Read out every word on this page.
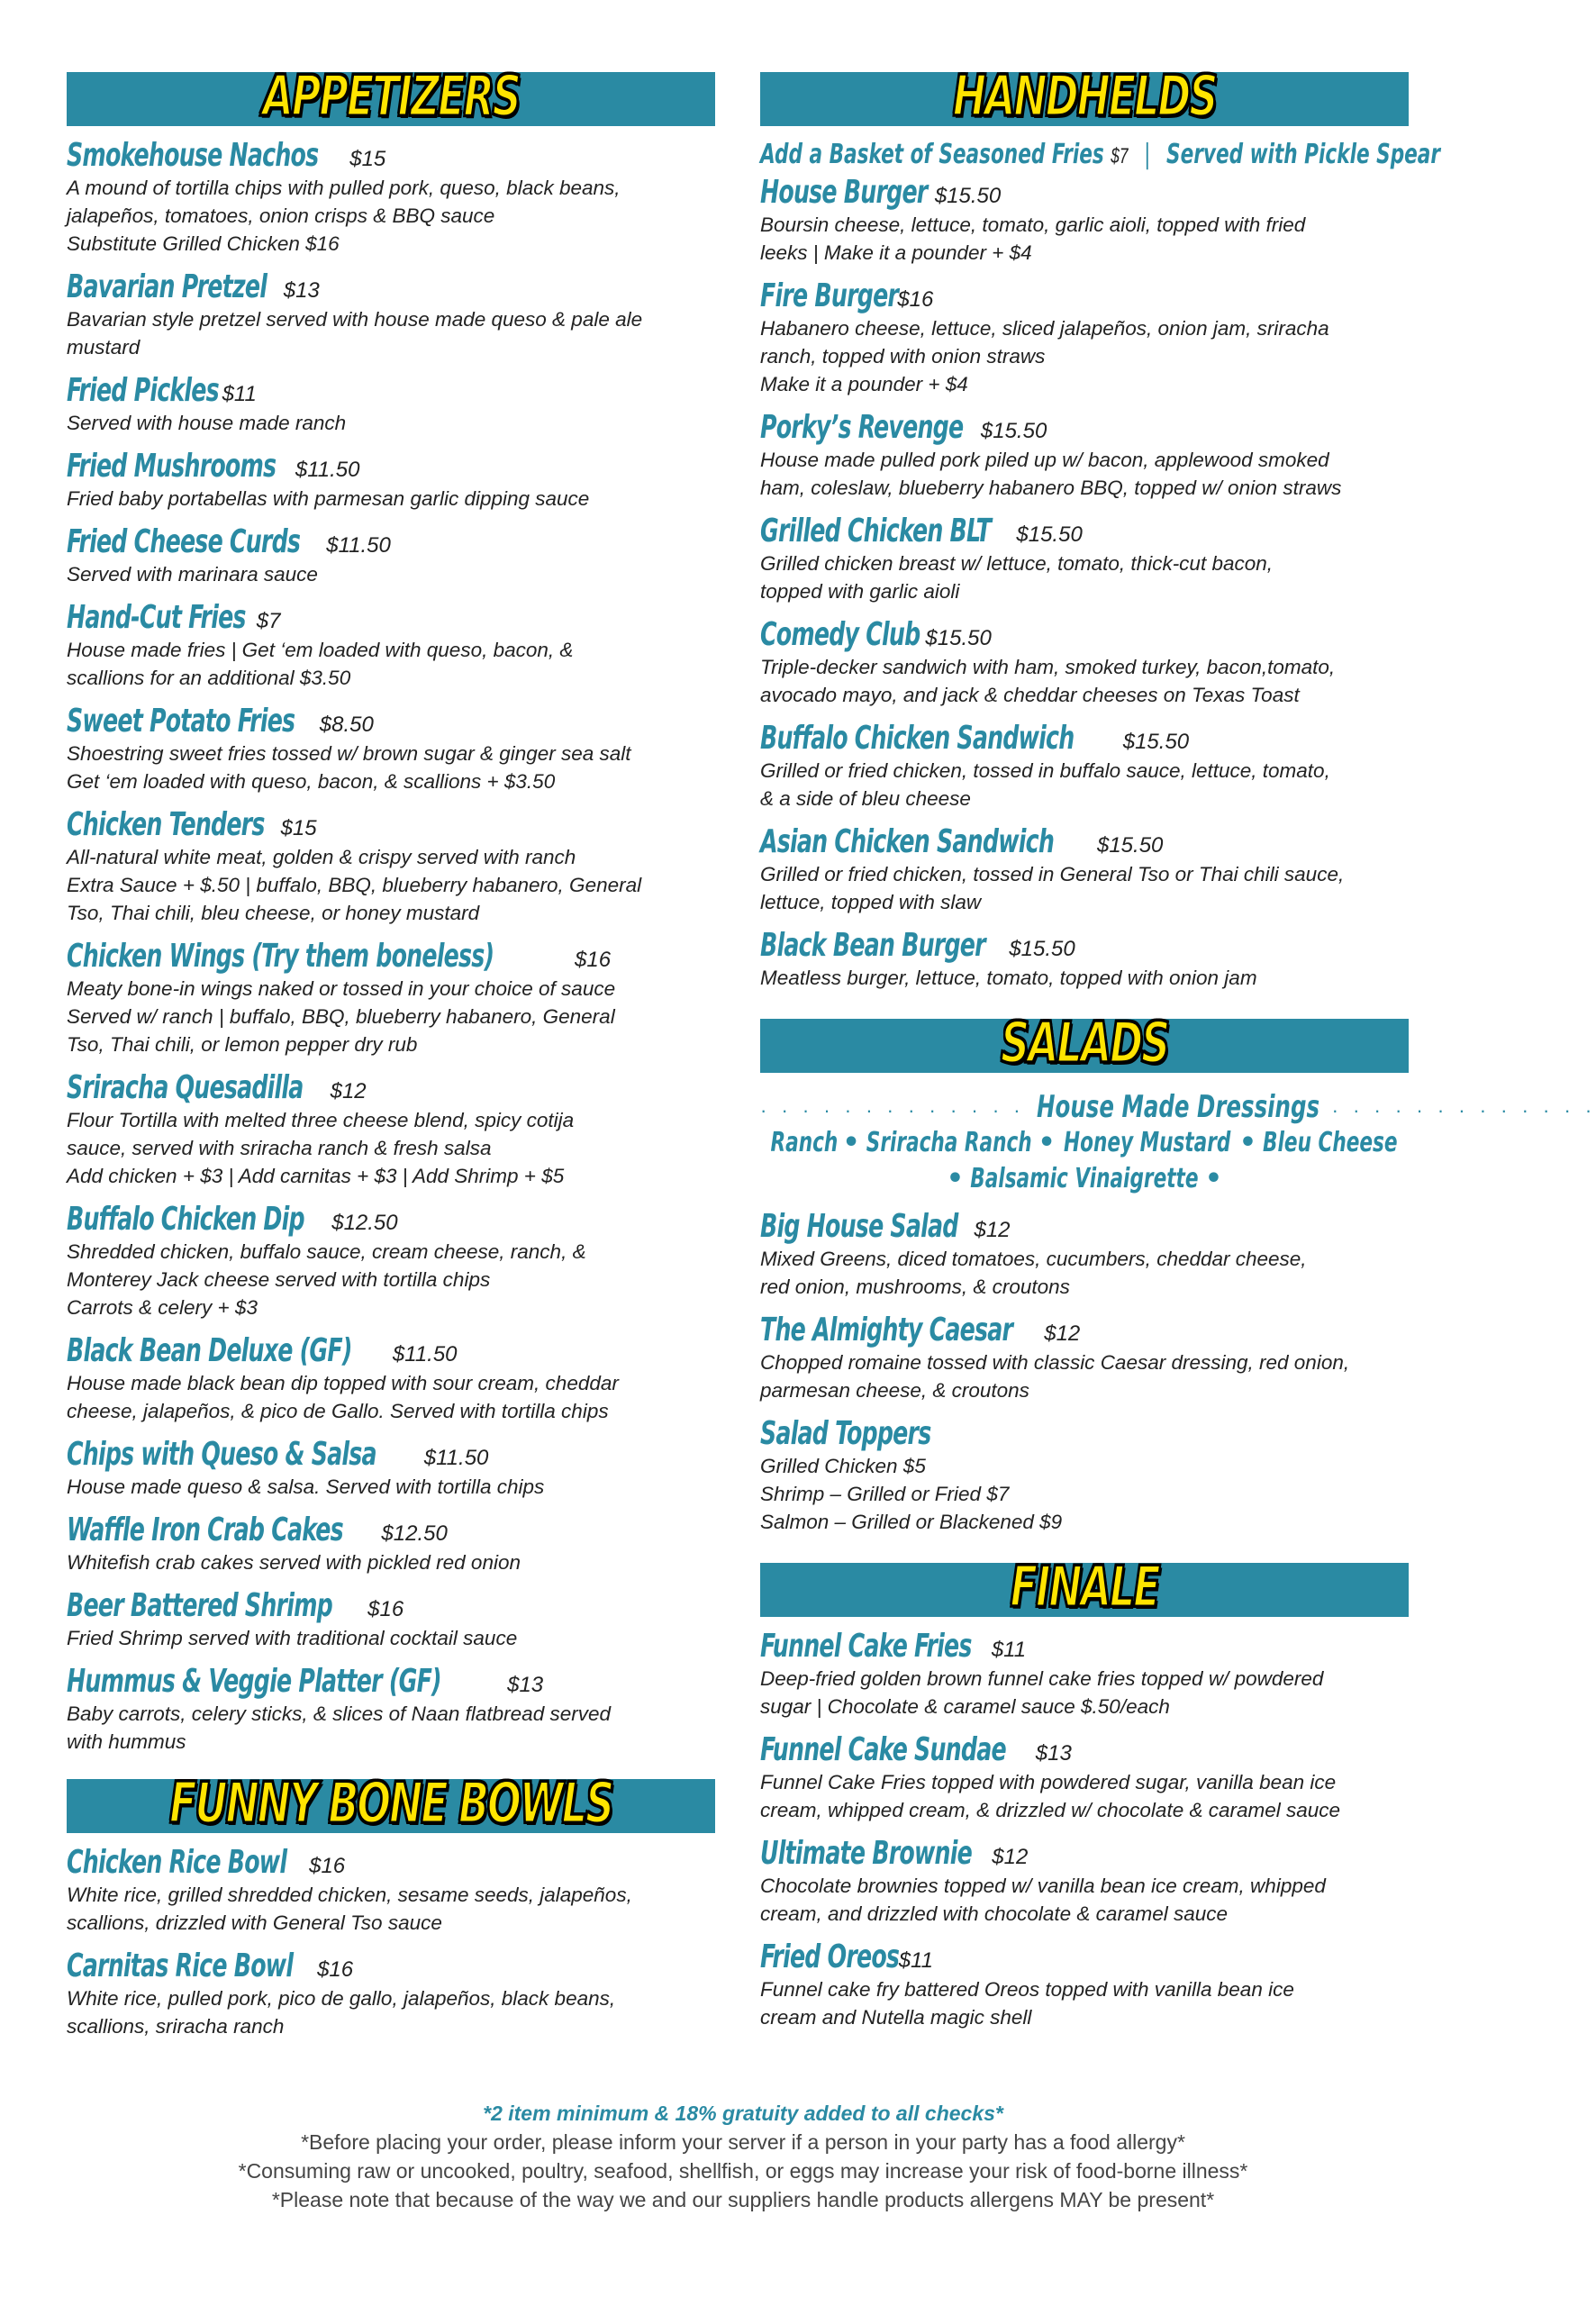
APPETIZERS
Smokehouse Nachos $15
A mound of tortilla chips with pulled pork, queso, black beans,
jalapeños, tomatoes, onion crisps & BBQ sauce
Substitute Grilled Chicken $16
Bavarian Pretzel $13
Bavarian style pretzel served with house made queso & pale ale
mustard
Fried Pickles $11
Served with house made ranch
Fried Mushrooms $11.50
Fried baby portabellas with parmesan garlic dipping sauce
Fried Cheese Curds $11.50
Served with marinara sauce
Hand-Cut Fries $7
House made fries | Get ‘em loaded with queso, bacon, &
scallions for an additional $3.50
Sweet Potato Fries $8.50
Shoestring sweet fries tossed w/ brown sugar & ginger sea salt
Get ‘em loaded with queso, bacon, & scallions + $3.50
Chicken Tenders $15
All-natural white meat, golden & crispy served with ranch
Extra Sauce + $.50 | buffalo, BBQ, blueberry habanero, General
Tso, Thai chili, bleu cheese, or honey mustard
Chicken Wings (Try them boneless)	$16
Meaty bone-in wings naked or tossed in your choice of sauce
Served w/ ranch | buffalo, BBQ, blueberry habanero, General
Tso, Thai chili, or lemon pepper dry rub
Sriracha Quesadilla $12
Flour Tortilla with melted three cheese blend, spicy cotija
sauce, served with sriracha ranch & fresh salsa
Add chicken + $3 | Add carnitas + $3 | Add Shrimp + $5
Buffalo Chicken Dip $12.50
Shredded chicken, buffalo sauce, cream cheese, ranch, &
Monterey Jack cheese served with tortilla chips
Carrots & celery + $3
Black Bean Deluxe (GF) $11.50
House made black bean dip topped with sour cream, cheddar
cheese, jalapeños, & pico de Gallo. Served with tortilla chips
Chips with Queso & Salsa $11.50
House made queso & salsa. Served with tortilla chips
Waffle Iron Crab Cakes $12.50
Whitefish crab cakes served with pickled red onion
Beer Battered Shrimp $16
Fried Shrimp served with traditional cocktail sauce
Hummus & Veggie Platter (GF)	$13
Baby carrots, celery sticks, & slices of Naan flatbread served
with hummus
FUNNY BONE BOWLS
Chicken Rice Bowl $16
White rice, grilled shredded chicken, sesame seeds, jalapeños,
scallions, drizzled with General Tso sauce
Carnitas Rice Bowl $16
White rice, pulled pork, pico de gallo, jalapeños, black beans,
scallions, sriracha ranch
HANDHELDS
Add a Basket of Seasoned Fries $7 | Served with Pickle Spear
House Burger $15.50
Boursin cheese, lettuce, tomato, garlic aioli, topped with fried
leeks | Make it a pounder + $4
Fire Burger $16
Habanero cheese, lettuce, sliced jalapeños, onion jam, sriracha
ranch, topped with onion straws
Make it a pounder + $4
Porky’s Revenge $15.50
House made pulled pork piled up w/ bacon, applewood smoked
ham, coleslaw, blueberry habanero BBQ, topped w/ onion straws
Grilled Chicken BLT $15.50
Grilled chicken breast w/ lettuce, tomato, thick-cut bacon,
topped with garlic aioli
Comedy Club $15.50
Triple-decker sandwich with ham, smoked turkey, bacon,tomato,
avocado mayo, and jack & cheddar cheeses on Texas Toast
Buffalo Chicken Sandwich $15.50
Grilled or fried chicken, tossed in buffalo sauce, lettuce, tomato,
& a side of bleu cheese
Asian Chicken Sandwich $15.50
Grilled or fried chicken, tossed in General Tso or Thai chili sauce,
lettuce, topped with slaw
Black Bean Burger $15.50
Meatless burger, lettuce, tomato, topped with onion jam
SALADS
· · · · · · · · · · · · · House Made Dressings · · · · · · · · · · · · ·
Ranch • Sriracha Ranch • Honey Mustard • Bleu Cheese
• Balsamic Vinaigrette •
Big House Salad $12
Mixed Greens, diced tomatoes, cucumbers, cheddar cheese,
red onion, mushrooms, & croutons
The Almighty Caesar $12
Chopped romaine tossed with classic Caesar dressing, red onion,
parmesan cheese, & croutons
Salad Toppers
Grilled Chicken $5
Shrimp – Grilled or Fried $7
Salmon – Grilled or Blackened $9
FINALE
Funnel Cake Fries $11
Deep-fried golden brown funnel cake fries topped w/ powdered
sugar | Chocolate & caramel sauce $.50/each
Funnel Cake Sundae $13
Funnel Cake Fries topped with powdered sugar, vanilla bean ice
cream, whipped cream, & drizzled w/ chocolate & caramel sauce
Ultimate Brownie $12
Chocolate brownies topped w/ vanilla bean ice cream, whipped
cream, and drizzled with chocolate & caramel sauce
Fried Oreos $11
Funnel cake fry battered Oreos topped with vanilla bean ice
cream and Nutella magic shell
*2 item minimum & 18% gratuity added to all checks*
*Before placing your order, please inform your server if a person in your party has a food allergy*
*Consuming raw or uncooked, poultry, seafood, shellfish, or eggs may increase your risk of food-borne illness*
*Please note that because of the way we and our suppliers handle products allergens MAY be present*
